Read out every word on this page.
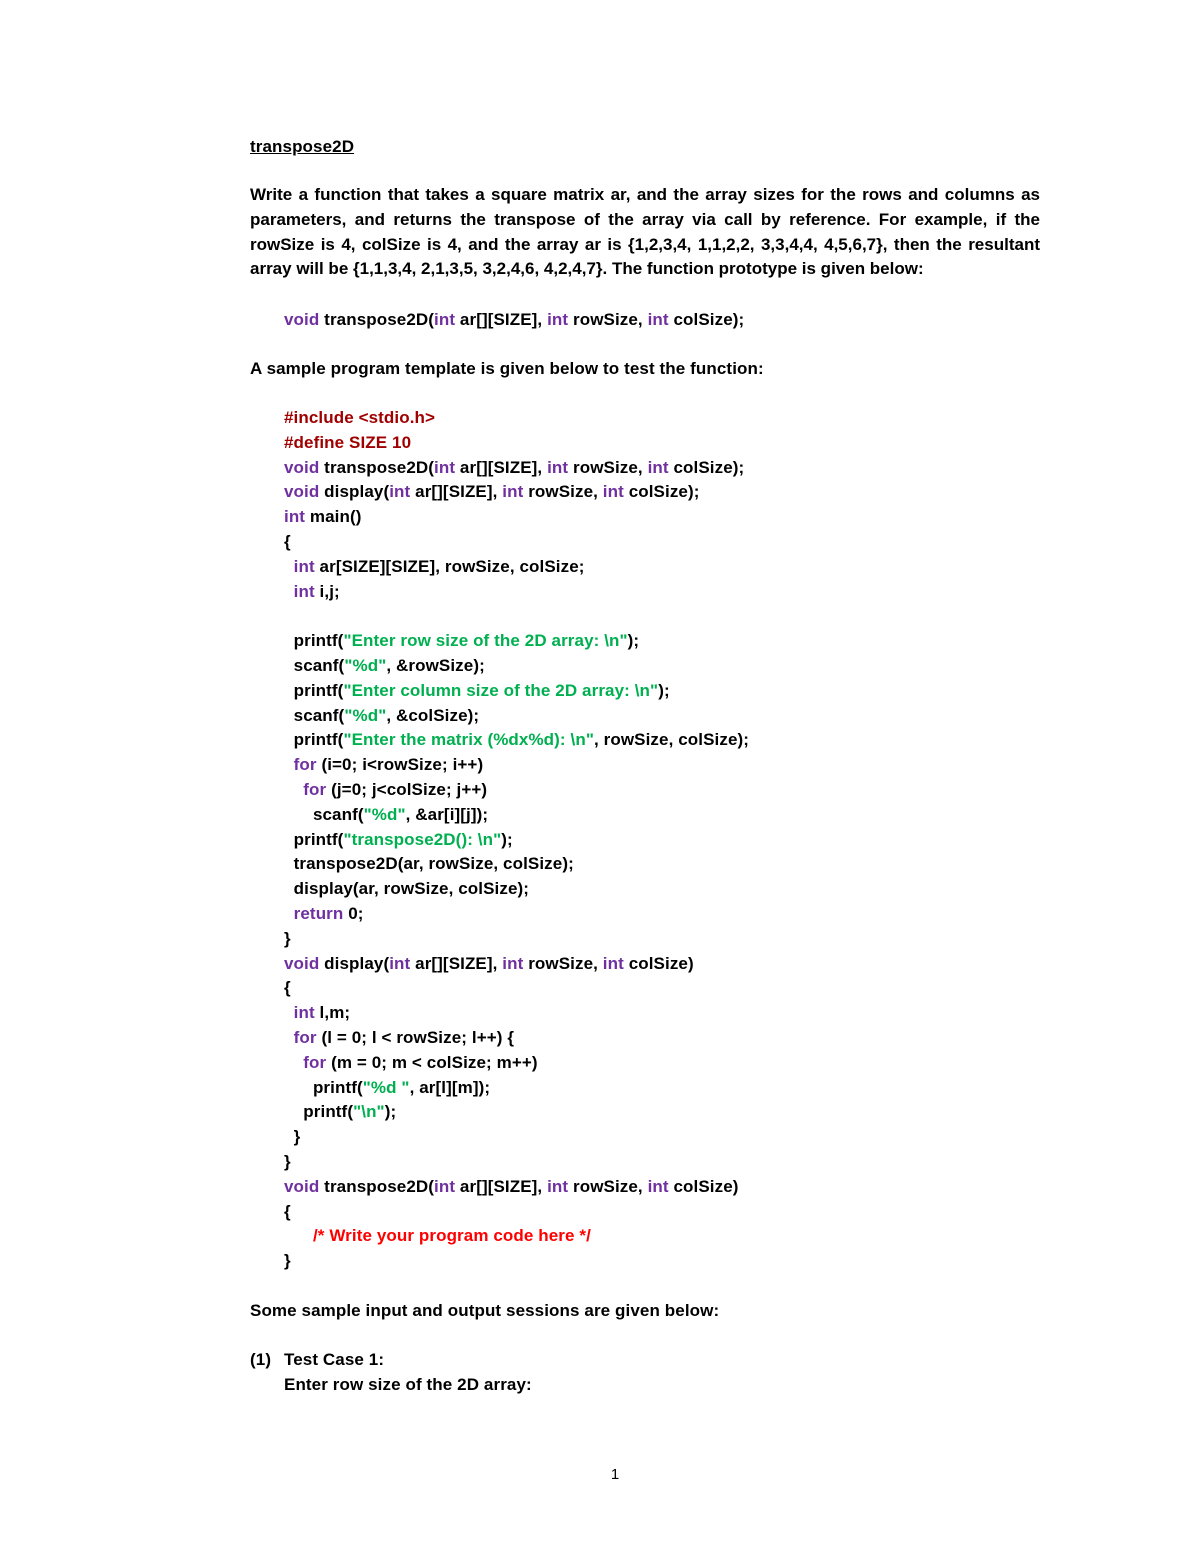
transpose2D
Write a function that takes a square matrix ar, and the array sizes for the rows and columns as parameters, and returns the transpose of the array via call by reference. For example, if the rowSize is 4, colSize is 4, and the array ar is {1,2,3,4, 1,1,2,2, 3,3,4,4, 4,5,6,7}, then the resultant array will be {1,1,3,4, 2,1,3,5, 3,2,4,6, 4,2,4,7}. The function prototype is given below:
void transpose2D(int ar[][SIZE], int rowSize, int colSize);
A sample program template is given below to test the function:
#include <stdio.h>
#define SIZE 10
void transpose2D(int ar[][SIZE], int rowSize, int colSize);
void display(int ar[][SIZE], int rowSize, int colSize);
int main()
{
int ar[SIZE][SIZE], rowSize, colSize;
int i,j;
printf("Enter row size of the 2D array: \n");
scanf("%d", &rowSize);
printf("Enter column size of the 2D array: \n");
scanf("%d", &colSize);
printf("Enter the matrix (%dx%d): \n", rowSize, colSize);
for (i=0; i<rowSize; i++)
for (j=0; j<colSize; j++)
scanf("%d", &ar[i][j]);
printf("transpose2D(): \n");
transpose2D(ar, rowSize, colSize);
display(ar, rowSize, colSize);
return 0;
}
void display(int ar[][SIZE], int rowSize, int colSize)
{
int l,m;
for (l = 0; l < rowSize; l++) {
for (m = 0; m < colSize; m++)
printf("%d ", ar[l][m]);
printf("\n");
}
}
void transpose2D(int ar[][SIZE], int rowSize, int colSize)
{
/* Write your program code here */
}
Some sample input and output sessions are given below:
(1) Test Case 1:
Enter row size of the 2D array:
1
